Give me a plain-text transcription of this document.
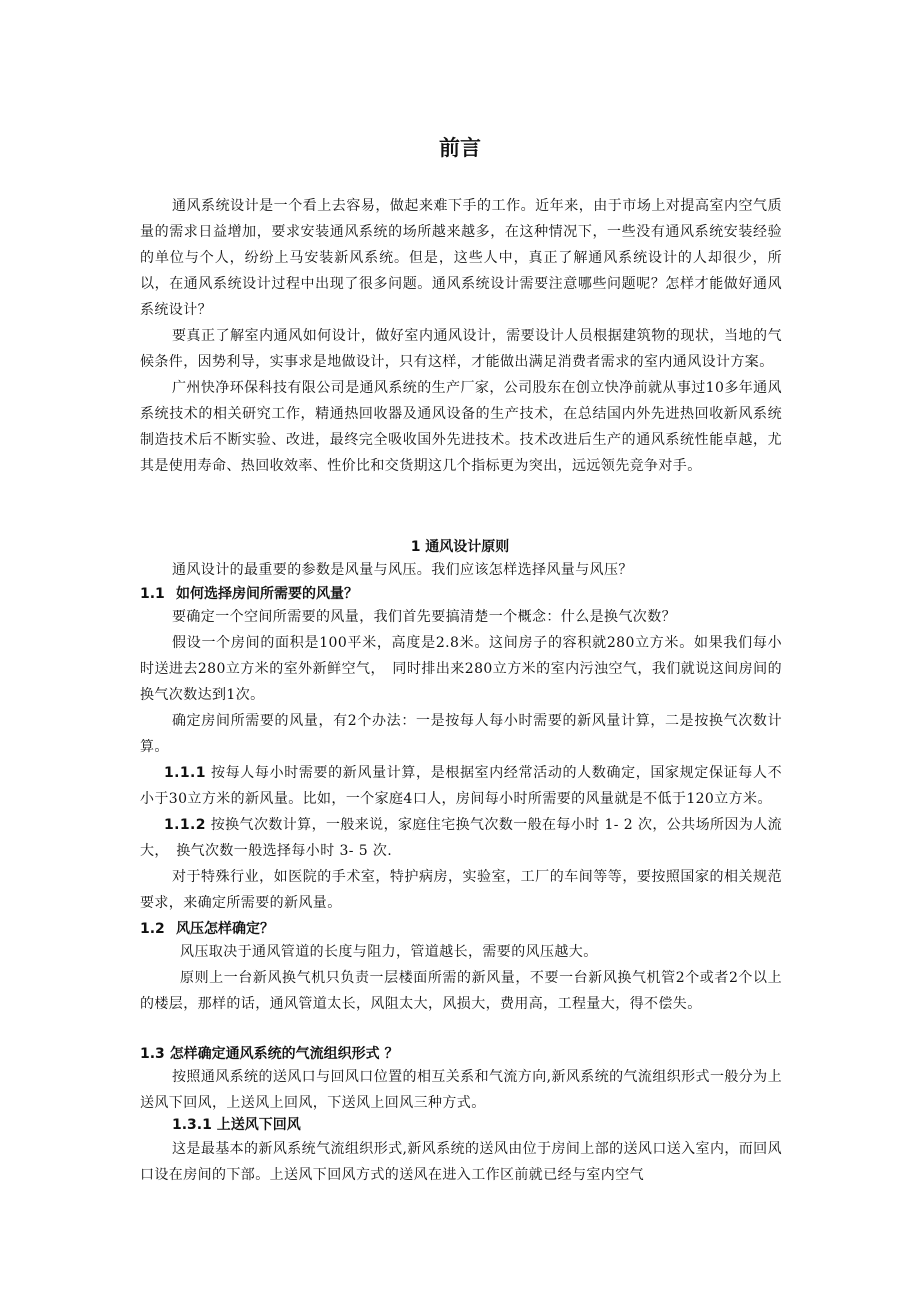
前言

通风系统设计是一个看上去容易，做起来难下手的工作。近年来，由于市场上对提高室内空气质量的需求日益增加，要求安装通风系统的场所越来越多，在这种情况下，一些没有通风系统安装经验的单位与个人，纷纷上马安装新风系统。但是，这些人中，真正了解通风系统设计的人却很少，所以，在通风系统设计过程中出现了很多问题。通风系统设计需要注意哪些问题呢？怎样才能做好通风系统设计？

要真正了解室内通风如何设计，做好室内通风设计，需要设计人员根据建筑物的现状，当地的气候条件，因势利导，实事求是地做设计，只有这样，才能做出满足消费者需求的室内通风设计方案。

广州快净环保科技有限公司是通风系统的生产厂家，公司股东在创立快净前就从事过10多年通风系统技术的相关研究工作，精通热回收器及通风设备的生产技术，在总结国内外先进热回收新风系统制造技术后不断实验、改进，最终完全吸收国外先进技术。技术改进后生产的通风系统性能卓越，尤其是使用寿命、热回收效率、性价比和交货期这几个指标更为突出，远远领先竞争对手。

1 通风设计原则

通风设计的最重要的参数是风量与风压。我们应该怎样选择风量与风压？

1.1 如何选择房间所需要的风量？

要确定一个空间所需要的风量，我们首先要搞清楚一个概念：什么是换气次数？

假设一个房间的面积是100平米，高度是2.8米。这间房子的容积就280立方米。如果我们每小时送进去280立方米的室外新鲜空气，　同时排出来280立方米的室内污浊空气，我们就说这间房间的换气次数达到1次。

确定房间所需要的风量，有2个办法：一是按每人每小时需要的新风量计算，二是按换气次数计算。

1.1.1 按每人每小时需要的新风量计算，是根据室内经常活动的人数确定，国家规定保证每人不小于30立方米的新风量。比如，一个家庭4口人，房间每小时所需要的风量就是不低于120立方米。

1.1.2 按换气次数计算，一般来说，家庭住宅换气次数一般在每小时 1- 2 次，公共场所因为人流大，　换气次数一般选择每小时 3- 5 次.

对于特殊行业，如医院的手术室，特护病房，实验室，工厂的车间等等，要按照国家的相关规范要求，来确定所需要的新风量。

1.2 风压怎样确定？

风压取决于通风管道的长度与阻力，管道越长，需要的风压越大。

原则上一台新风换气机只负责一层楼面所需的新风量，不要一台新风换气机管2个或者2个以上的楼层，那样的话，通风管道太长，风阻太大，风损大，费用高，工程量大，得不偿失。

1.3 怎样确定通风系统的气流组织形式 ？

按照通风系统的送风口与回风口位置的相互关系和气流方向,新风系统的气流组织形式一般分为上送风下回风，上送风上回风，下送风上回风三种方式。

1.3.1 上送风下回风

这是最基本的新风系统气流组织形式,新风系统的送风由位于房间上部的送风口送入室内，而回风口设在房间的下部。上送风下回风方式的送风在进入工作区前就已经与室内空气
